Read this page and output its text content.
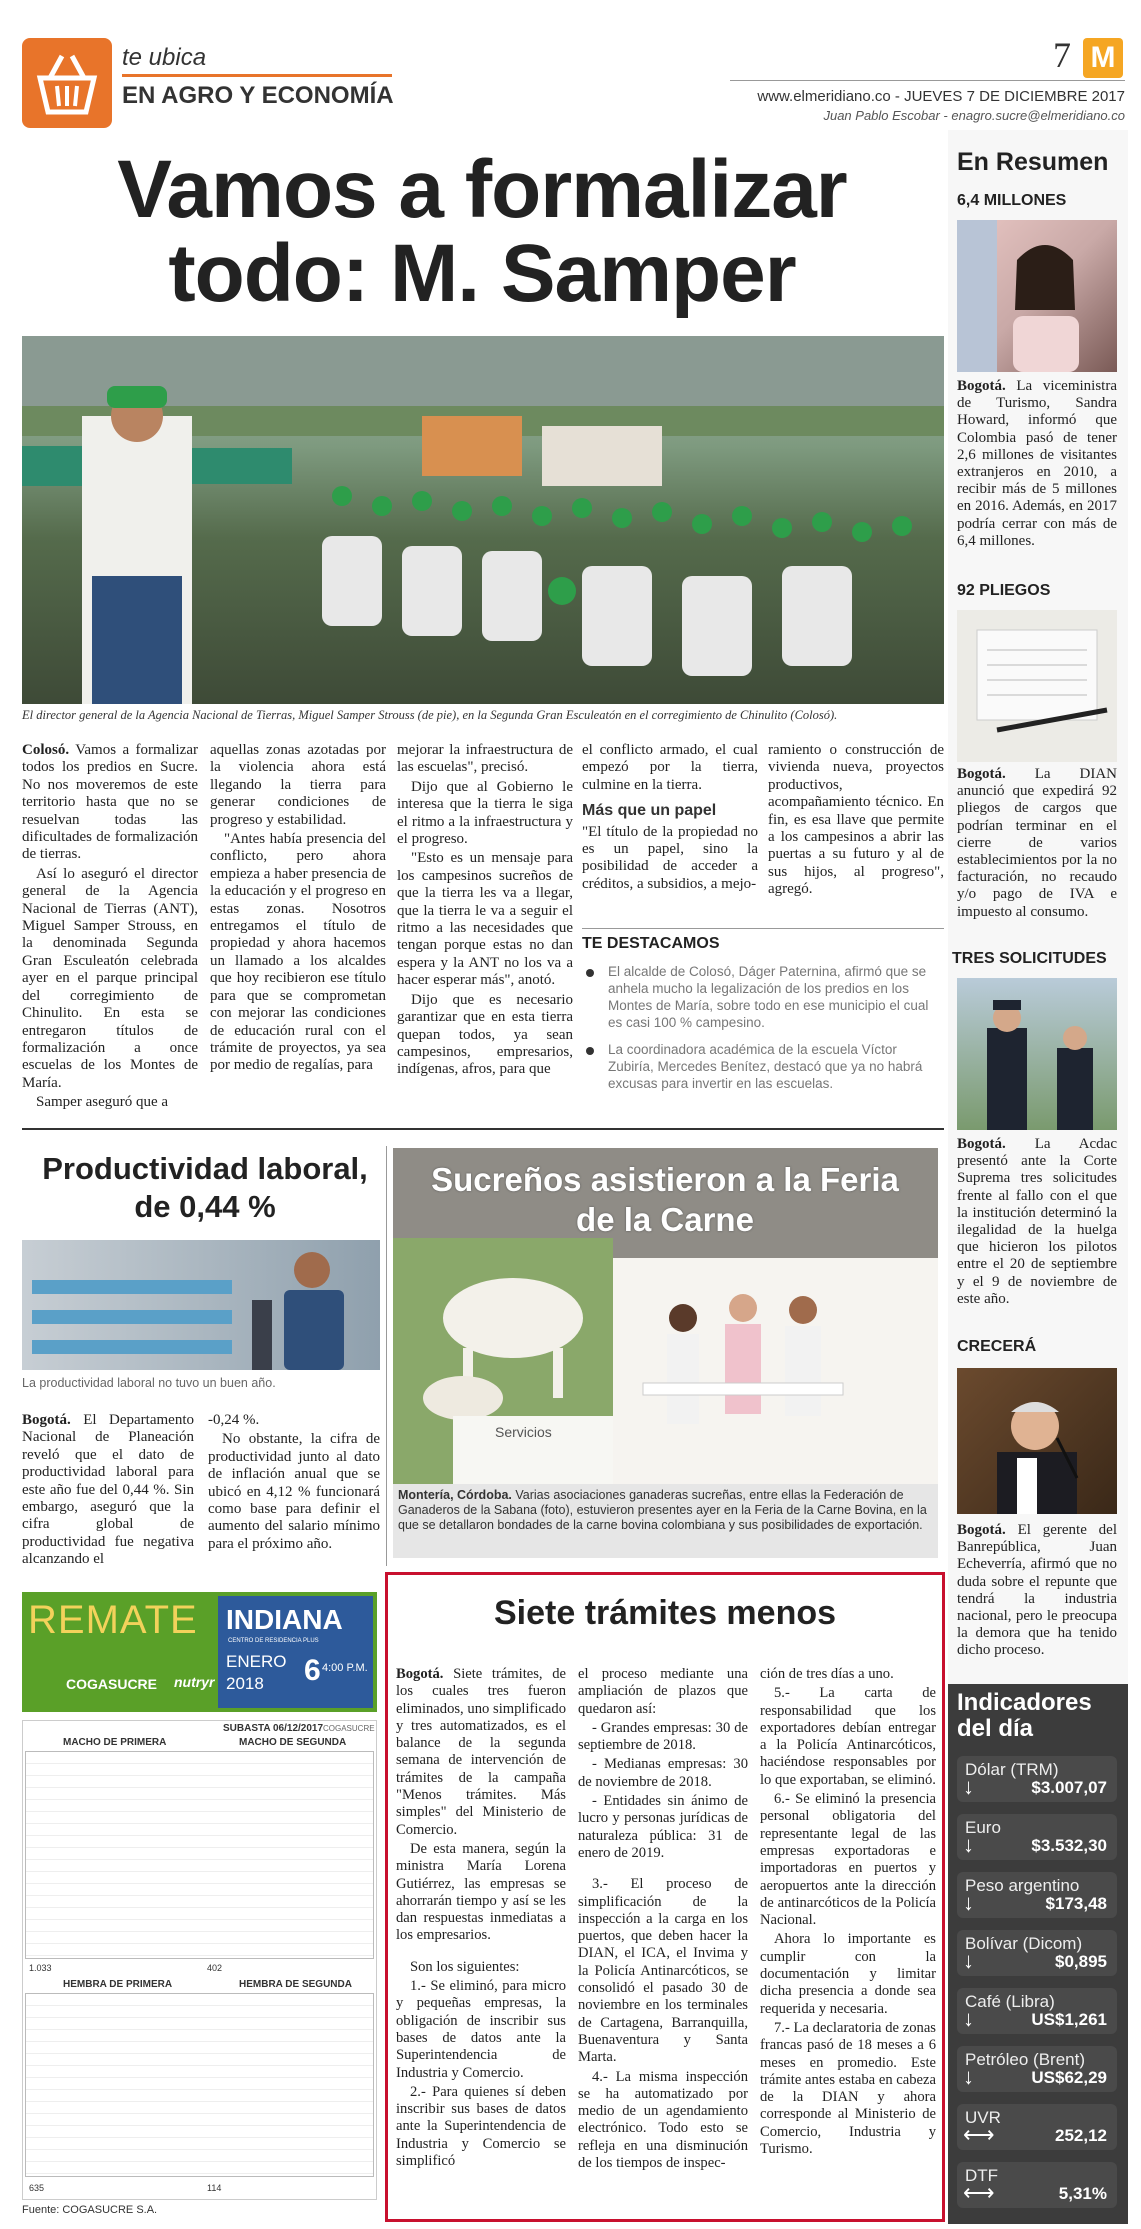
te ubica
EN AGRO Y ECONOMÍA
7 M
www.elmeridiano.co - JUEVES 7 DE DICIEMBRE 2017
Juan Pablo Escobar - enagro.sucre@elmeridiano.co
Vamos a formalizar todo: M. Samper
El director general de la Agencia Nacional de Tierras, Miguel Samper Strouss (de pie), en la Segunda Gran Esculeatón en el corregimiento de Chinulito (Colosó).

Colosó. Vamos a formalizar todos los predios en Sucre. No nos moveremos de este territorio hasta que no se resuelvan todas las dificultades de formalización de tierras.

Así lo aseguró el director general de la Agencia Nacional de Tierras (ANT), Miguel Samper Strouss, en la denominada Segunda Gran Esculeatón celebrada ayer en el parque principal del corregimiento de Chinulito. En esta se entregaron títulos de formalización a once escuelas de los Montes de María.

Samper aseguró que a

aquellas zonas azotadas por la violencia ahora está llegando la tierra para generar condiciones de progreso y estabilidad.

"Antes había presencia del conflicto, pero ahora empieza a haber presencia de la educación y el progreso en estas zonas. Nosotros entregamos el título de propiedad y ahora hacemos un llamado a los alcaldes que hoy recibieron ese título para que se comprometan con mejorar las condiciones de educación rural con el trámite de proyectos, ya sea por medio de regalías, para

mejorar la infraestructura de las escuelas", precisó.

Dijo que al Gobierno le interesa que la tierra le siga el ritmo a la infraestructura y el progreso.

"Esto es un mensaje para los campesinos sucreños de que la tierra les va a llegar, que la tierra le va a seguir el ritmo a las necesidades que tengan porque estas no dan espera y la ANT no los va a hacer esperar más", anotó.

Dijo que es necesario garantizar que en esta tierra quepan todos, ya sean campesinos, empresarios, indígenas, afros, para que

el conflicto armado, el cual empezó por la tierra, culmine en la tierra.

Más que un papel

"El título de la propiedad no es un papel, sino la posibilidad de acceder a créditos, a subsidios, a mejo-

ramiento o construcción de vivienda nueva, proyectos productivos, acompañamiento técnico. En fin, es esa llave que permite a los campesinos a abrir las puertas a su futuro y al de sus hijos, al progreso", agregó.

TE DESTACAMOS
El alcalde de Colosó, Dáger Paternina, afirmó que se anhela mucho la legalización de los predios en los Montes de María, sobre todo en ese municipio el cual es casi 100 % campesino.
La coordinadora académica de la escuela Víctor Zubiría, Mercedes Benítez, destacó que ya no habrá excusas para invertir en las escuelas.
En Resumen
6,4 MILLONES
Bogotá. La viceministra de Turismo, Sandra Howard, informó que Colombia pasó de tener 2,6 millones de visitantes extranjeros en 2010, a recibir más de 5 millones en 2016. Además, en 2017 podría cerrar con más de 6,4 millones.
92 PLIEGOS
Bogotá. La DIAN anunció que expedirá 92 pliegos de cargos que podrían terminar en el cierre de varios establecimientos por la no facturación, no recaudo y/o pago de IVA e impuesto al consumo.
TRES SOLICITUDES
Bogotá. La Acdac presentó ante la Corte Suprema tres solicitudes frente al fallo con el que la institución determinó la ilegalidad de la huelga que hicieron los pilotos entre el 20 de septiembre y el 9 de noviembre de este año.
CRECERÁ
Bogotá. El gerente del Banrepública, Juan Echeverría, afirmó que no duda sobre el repunte que tendrá la industria nacional, pero le preocupa la demora que ha tenido dicho proceso.
Indicadores del día
Dólar (TRM)
↓	$3.007,07
Euro
↓	$3.532,30
Peso argentino
↓	$173,48
Bolívar (Dicom)
↓	$0,895
Café (Libra)
↓	US$1,261
Petróleo (Brent)
↓	US$62,29
UVR
⟷	252,12
DTF
⟷	5,31%
Productividad laboral, de 0,44 %
La productividad laboral no tuvo un buen año.

Bogotá. El Departamento Nacional de Planeación reveló que el dato de productividad laboral para este año fue del 0,44 %. Sin embargo, aseguró que la cifra global de productividad fue negativa alcanzando el

-0,24 %.

No obstante, la cifra de productividad junto al dato de inflación anual que se ubicó en 4,12 % funcionará como base para definir el aumento del salario mínimo para el próximo año.

Sucreños asistieron a la Feria de la Carne
Servicios
Montería, Córdoba. Varias asociaciones ganaderas sucreñas, entre ellas la Federación de Ganaderos de la Sabana (foto), estuvieron presentes ayer en la Feria de la Carne Bovina, en la que se detallaron bondades de la carne bovina colombiana y sus posibilidades de exportación.
REMATE
COGASUCRE nutryr
INDIANA
CENTRO DE RESIDENCIA PLUS
ENERO
2018 6 4:00 P.M.
SUBASTA 06/12/2017 COGASUCRE
MACHO DE PRIMERA	MACHO DE SEGUNDA
1.033	402
HEMBRA DE PRIMERA	HEMBRA DE SEGUNDA
635	114
Fuente: COGASUCRE S.A.
Siete trámites menos

Bogotá. Siete trámites, de los cuales tres fueron eliminados, uno simplificado y tres automatizados, es el balance de la segunda semana de intervención de trámites de la campaña "Menos trámites. Más simples" del Ministerio de Comercio.

De esta manera, según la ministra María Lorena Gutiérrez, las empresas se ahorrarán tiempo y así se les dan respuestas inmediatas a los empresarios.

Son los siguientes:

1.- Se eliminó, para micro y pequeñas empresas, la obligación de inscribir sus bases de datos ante la Superintendencia de Industria y Comercio.

2.- Para quienes sí deben inscribir sus bases de datos ante la Superintendencia de Industria y Comercio se simplificó

el proceso mediante una ampliación de plazos que quedaron así:

- Grandes empresas: 30 de septiembre de 2018.

- Medianas empresas: 30 de noviembre de 2018.

- Entidades sin ánimo de lucro y personas jurídicas de naturaleza pública: 31 de enero de 2019.

3.- El proceso de simplificación de la inspección a la carga en los puertos, que deben hacer la DIAN, el ICA, el Invima y la Policía Antinarcóticos, se consolidó el pasado 30 de noviembre en los terminales de Cartagena, Barranquilla, Buenaventura y Santa Marta.

4.- La misma inspección se ha automatizado por medio de un agendamiento electrónico. Todo esto se refleja en una disminución de los tiempos de inspec-

ción de tres días a uno.

5.- La carta de responsabilidad que los exportadores debían entregar a la Policía Antinarcóticos, haciéndose responsables por lo que exportaban, se eliminó.

6.- Se eliminó la presencia personal obligatoria del representante legal de las empresas exportadoras e importadoras en puertos y aeropuertos ante la dirección de antinarcóticos de la Policía Nacional.

Ahora lo importante es cumplir con la documentación y limitar dicha presencia a donde sea requerida y necesaria.

7.- La declaratoria de zonas francas pasó de 18 meses a 6 meses en promedio. Este trámite antes estaba en cabeza de la DIAN y ahora corresponde al Ministerio de Comercio, Industria y Turismo.
